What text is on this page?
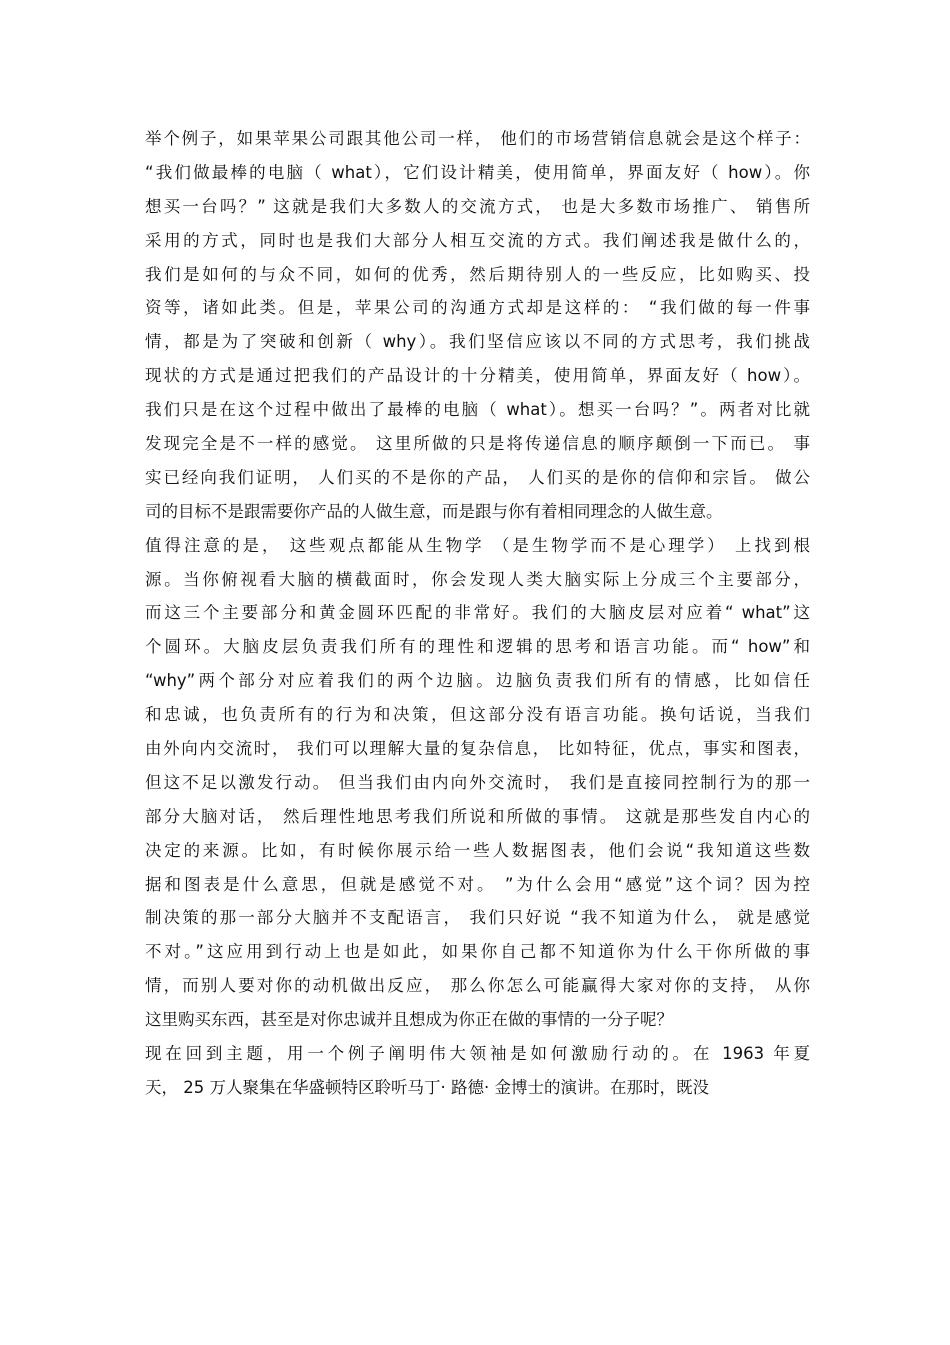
举个例子，如果苹果公司跟其他公司一样， 他们的市场营销信息就会是这个样子：
“我们做最棒的电脑（ what），它们设计精美，使用简单，界面友好（ how）。你
想买一台吗？” 这就是我们大多数人的交流方式， 也是大多数市场推广、 销售所
采用的方式，同时也是我们大部分人相互交流的方式。我们阐述我是做什么的，
我们是如何的与众不同，如何的优秀，然后期待别人的一些反应，比如购买、投
资等，诸如此类。但是，苹果公司的沟通方式却是这样的： “我们做的每一件事
情，都是为了突破和创新（ why）。我们坚信应该以不同的方式思考，我们挑战
现状的方式是通过把我们的产品设计的十分精美，使用简单，界面友好（ how）。
我们只是在这个过程中做出了最棒的电脑（ what）。想买一台吗？”。两者对比就
发现完全是不一样的感觉。 这里所做的只是将传递信息的顺序颠倒一下而已。 事
实已经向我们证明， 人们买的不是你的产品， 人们买的是你的信仰和宗旨。 做公
司的目标不是跟需要你产品的人做生意，而是跟与你有着相同理念的人做生意。
值得注意的是， 这些观点都能从生物学 （是生物学而不是心理学） 上找到根
源。当你俯视看大脑的横截面时，你会发现人类大脑实际上分成三个主要部分，
而这三个主要部分和黄金圆环匹配的非常好。我们的大脑皮层对应着“ what”这
个圆环。大脑皮层负责我们所有的理性和逻辑的思考和语言功能。而“ how”和
“why”两个部分对应着我们的两个边脑。边脑负责我们所有的情感，比如信任
和忠诚，也负责所有的行为和决策，但这部分没有语言功能。换句话说，当我们
由外向内交流时， 我们可以理解大量的复杂信息， 比如特征，优点，事实和图表，
但这不足以激发行动。 但当我们由内向外交流时， 我们是直接同控制行为的那一
部分大脑对话， 然后理性地思考我们所说和所做的事情。 这就是那些发自内心的
决定的来源。比如，有时候你展示给一些人数据图表，他们会说“我知道这些数
据和图表是什么意思，但就是感觉不对。 ”为什么会用“感觉”这个词？因为控
制决策的那一部分大脑并不支配语言， 我们只好说 “我不知道为什么， 就是感觉
不对。”这应用到行动上也是如此，如果你自己都不知道你为什么干你所做的事
情，而别人要对你的动机做出反应， 那么你怎么可能赢得大家对你的支持， 从你
这里购买东西，甚至是对你忠诚并且想成为你正在做的事情的一分子呢？
现在回到主题，用一个例子阐明伟大领袖是如何激励行动的。在 1963 年夏
天， 25 万人聚集在华盛顿特区聆听马丁· 路德· 金博士的演讲。在那时，既没
